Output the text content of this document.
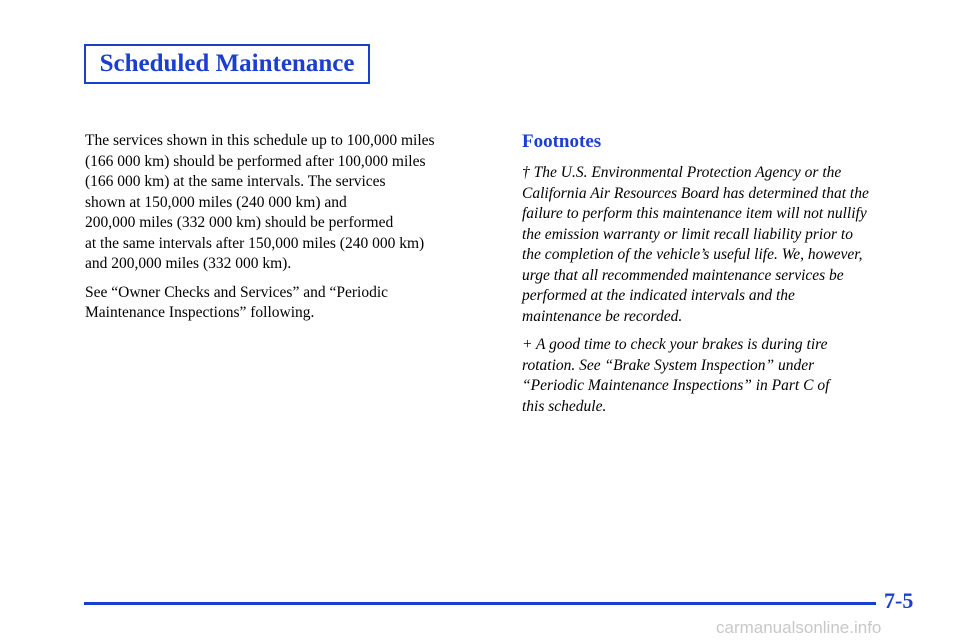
Scheduled Maintenance
The services shown in this schedule up to 100,000 miles
(166 000 km) should be performed after 100,000 miles
(166 000 km) at the same intervals. The services
shown at 150,000 miles (240 000 km) and
200,000 miles (332 000 km) should be performed
at the same intervals after 150,000 miles (240 000 km)
and 200,000 miles (332 000 km).
See “Owner Checks and Services” and “Periodic
Maintenance Inspections” following.
Footnotes
† The U.S. Environmental Protection Agency or the
California Air Resources Board has determined that the
failure to perform this maintenance item will not nullify
the emission warranty or limit recall liability prior to
the completion of the vehicle’s useful life. We, however,
urge that all recommended maintenance services be
performed at the indicated intervals and the
maintenance be recorded.
+ A good time to check your brakes is during tire
rotation. See “Brake System Inspection” under
“Periodic Maintenance Inspections” in Part C of
this schedule.
7-5
carmanualsonline.info
